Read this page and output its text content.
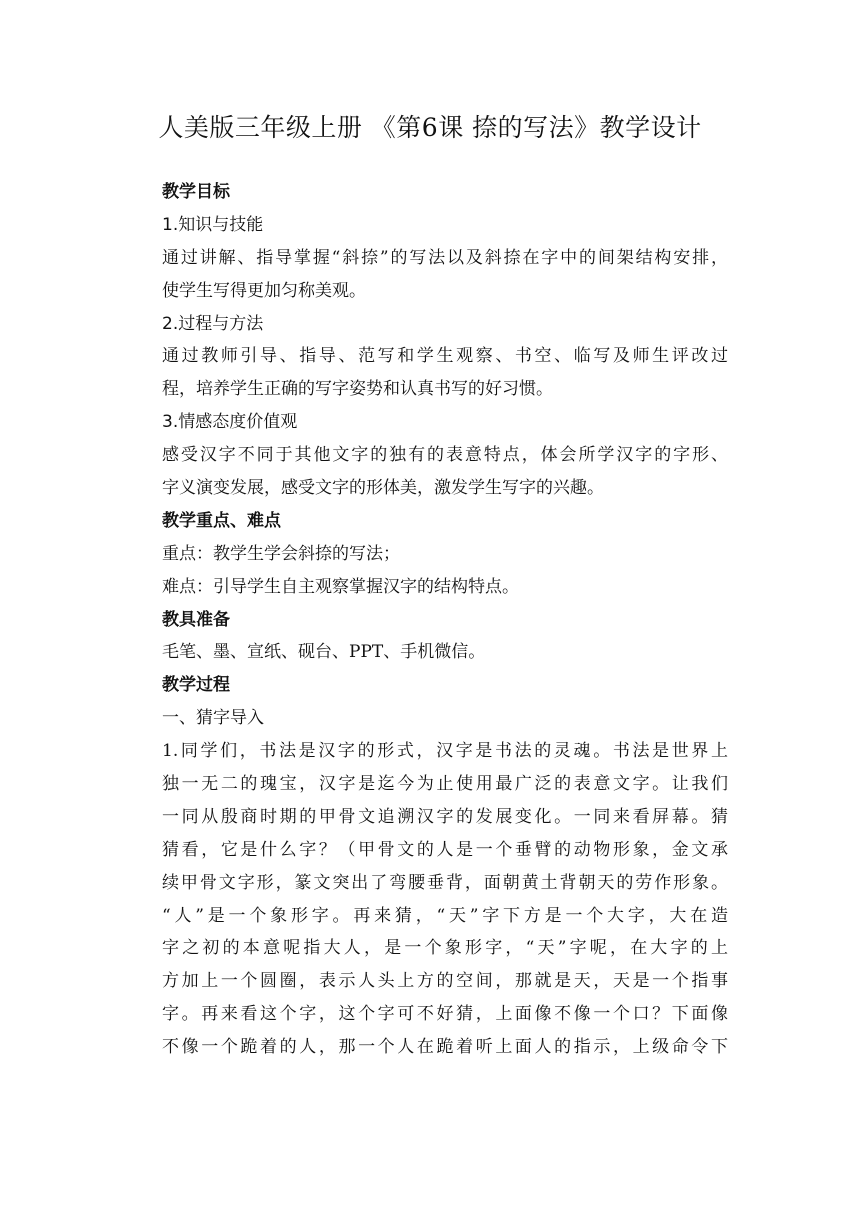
人美版三年级上册 《第6课 捺的写法》教学设计
教学目标
1.知识与技能
通过讲解、指导掌握“斜捺”的写法以及斜捺在字中的间架结构安排，
使学生写得更加匀称美观。
2.过程与方法
通过教师引导、指导、范写和学生观察、书空、临写及师生评改过
程，培养学生正确的写字姿势和认真书写的好习惯。
3.情感态度价值观
感受汉字不同于其他文字的独有的表意特点，体会所学汉字的字形、
字义演变发展，感受文字的形体美，激发学生写字的兴趣。
教学重点、难点
重点：教学生学会斜捺的写法；
难点：引导学生自主观察掌握汉字的结构特点。
教具准备
毛笔、墨、宣纸、砚台、PPT、手机微信。
教学过程
一、猜字导入
1.同学们，书法是汉字的形式，汉字是书法的灵魂。书法是世界上
独一无二的瑰宝，汉字是迄今为止使用最广泛的表意文字。让我们
一同从殷商时期的甲骨文追溯汉字的发展变化。一同来看屏幕。猜
猜看，它是什么字？（甲骨文的人是一个垂臂的动物形象，金文承
续甲骨文字形，篆文突出了弯腰垂背，面朝黄土背朝天的劳作形象。
“人”是一个象形字。再来猜，“天”字下方是一个大字，大在造
字之初的本意呢指大人，是一个象形字，“天”字呢，在大字的上
方加上一个圆圈，表示人头上方的空间，那就是天，天是一个指事
字。再来看这个字，这个字可不好猜，上面像不像一个口？下面像
不像一个跪着的人，那一个人在跪着听上面人的指示，上级命令下
